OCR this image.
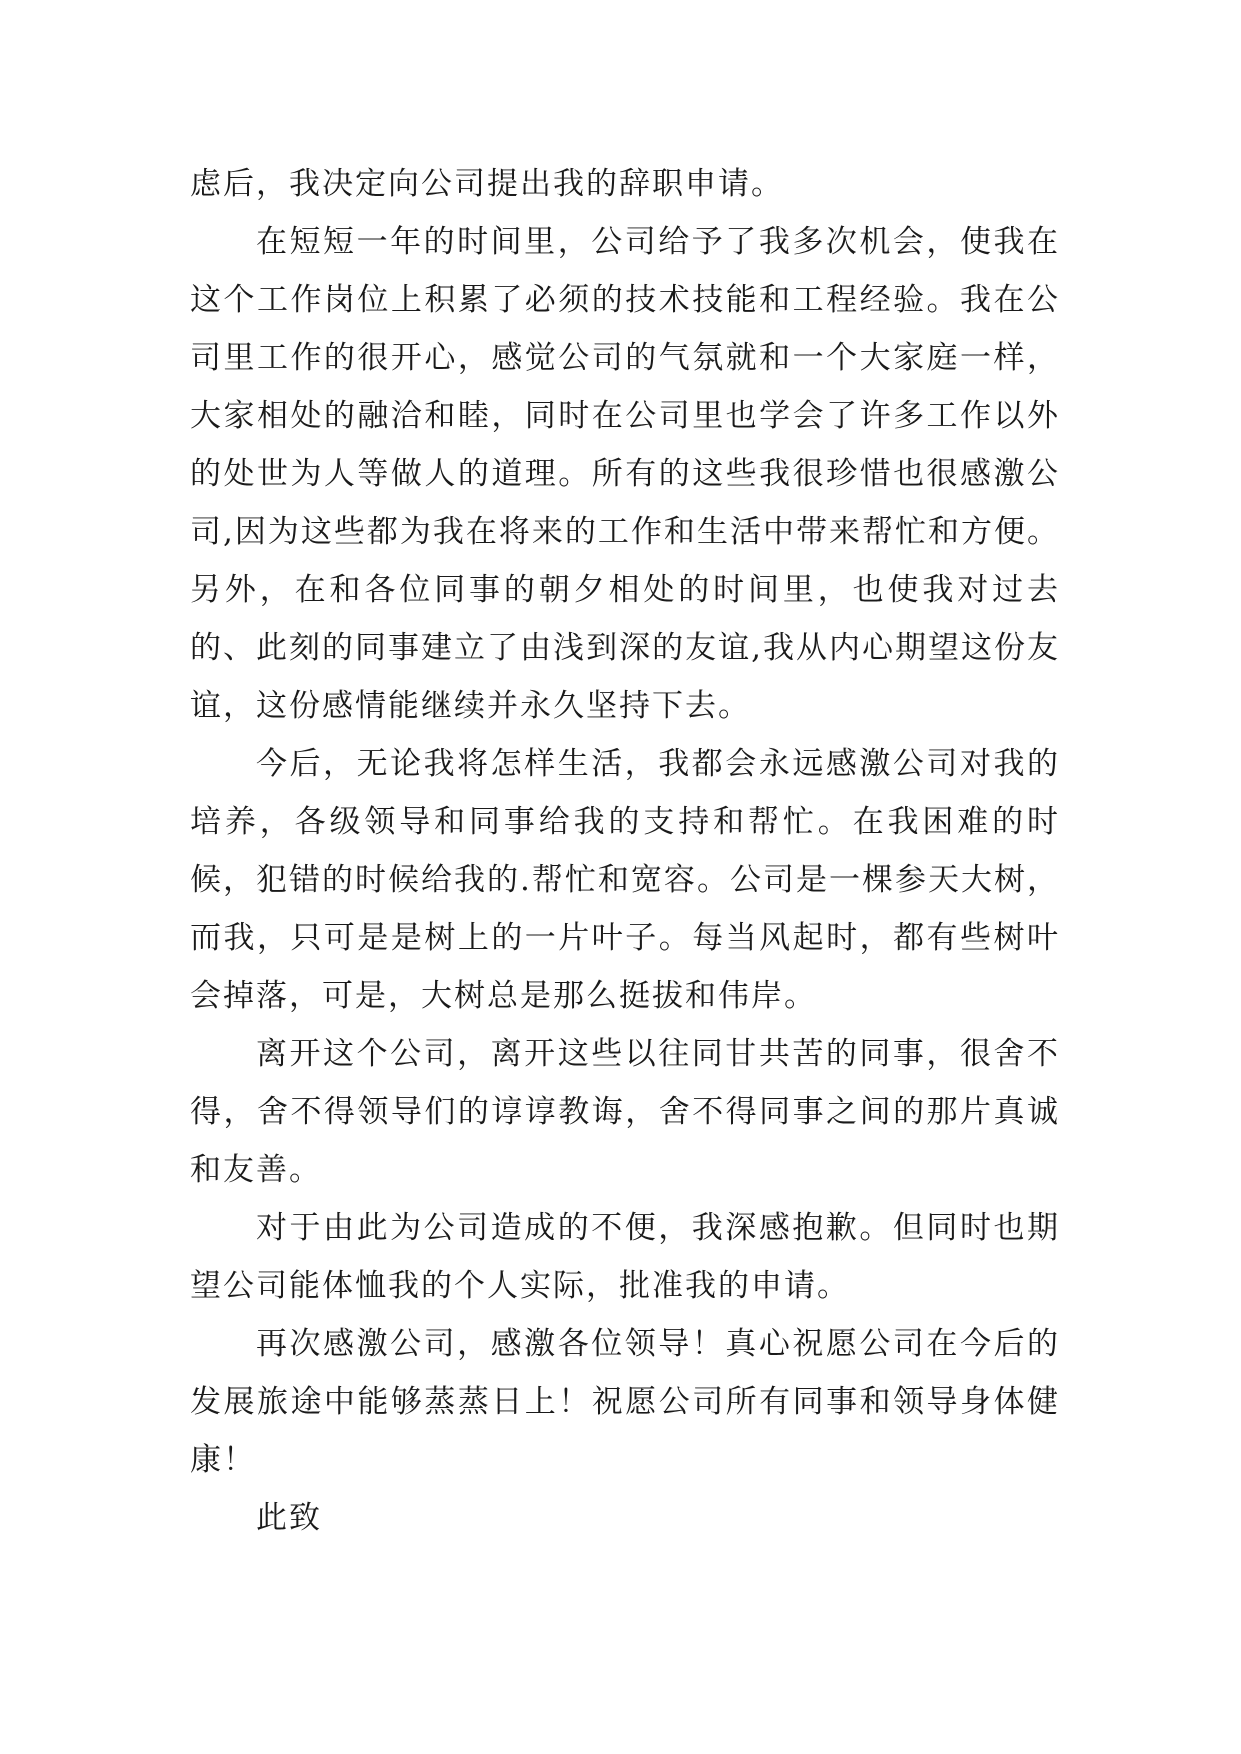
虑后，我决定向公司提出我的辞职申请。

在短短一年的时间里，公司给予了我多次机会，使我在这个工作岗位上积累了必须的技术技能和工程经验。我在公司里工作的很开心，感觉公司的气氛就和一个大家庭一样，大家相处的融洽和睦，同时在公司里也学会了许多工作以外的处世为人等做人的道理。所有的这些我很珍惜也很感激公司,因为这些都为我在将来的工作和生活中带来帮忙和方便。另外，在和各位同事的朝夕相处的时间里，也使我对过去的、此刻的同事建立了由浅到深的友谊,我从内心期望这份友谊，这份感情能继续并永久坚持下去。

今后，无论我将怎样生活，我都会永远感激公司对我的培养，各级领导和同事给我的支持和帮忙。在我困难的时候，犯错的时候给我的.帮忙和宽容。公司是一棵参天大树，而我，只可是是树上的一片叶子。每当风起时，都有些树叶会掉落，可是，大树总是那么挺拔和伟岸。

离开这个公司，离开这些以往同甘共苦的同事，很舍不得，舍不得领导们的谆谆教诲，舍不得同事之间的那片真诚和友善。

对于由此为公司造成的不便，我深感抱歉。但同时也期望公司能体恤我的个人实际，批准我的申请。

再次感激公司，感激各位领导！真心祝愿公司在今后的发展旅途中能够蒸蒸日上！祝愿公司所有同事和领导身体健康！

此致
